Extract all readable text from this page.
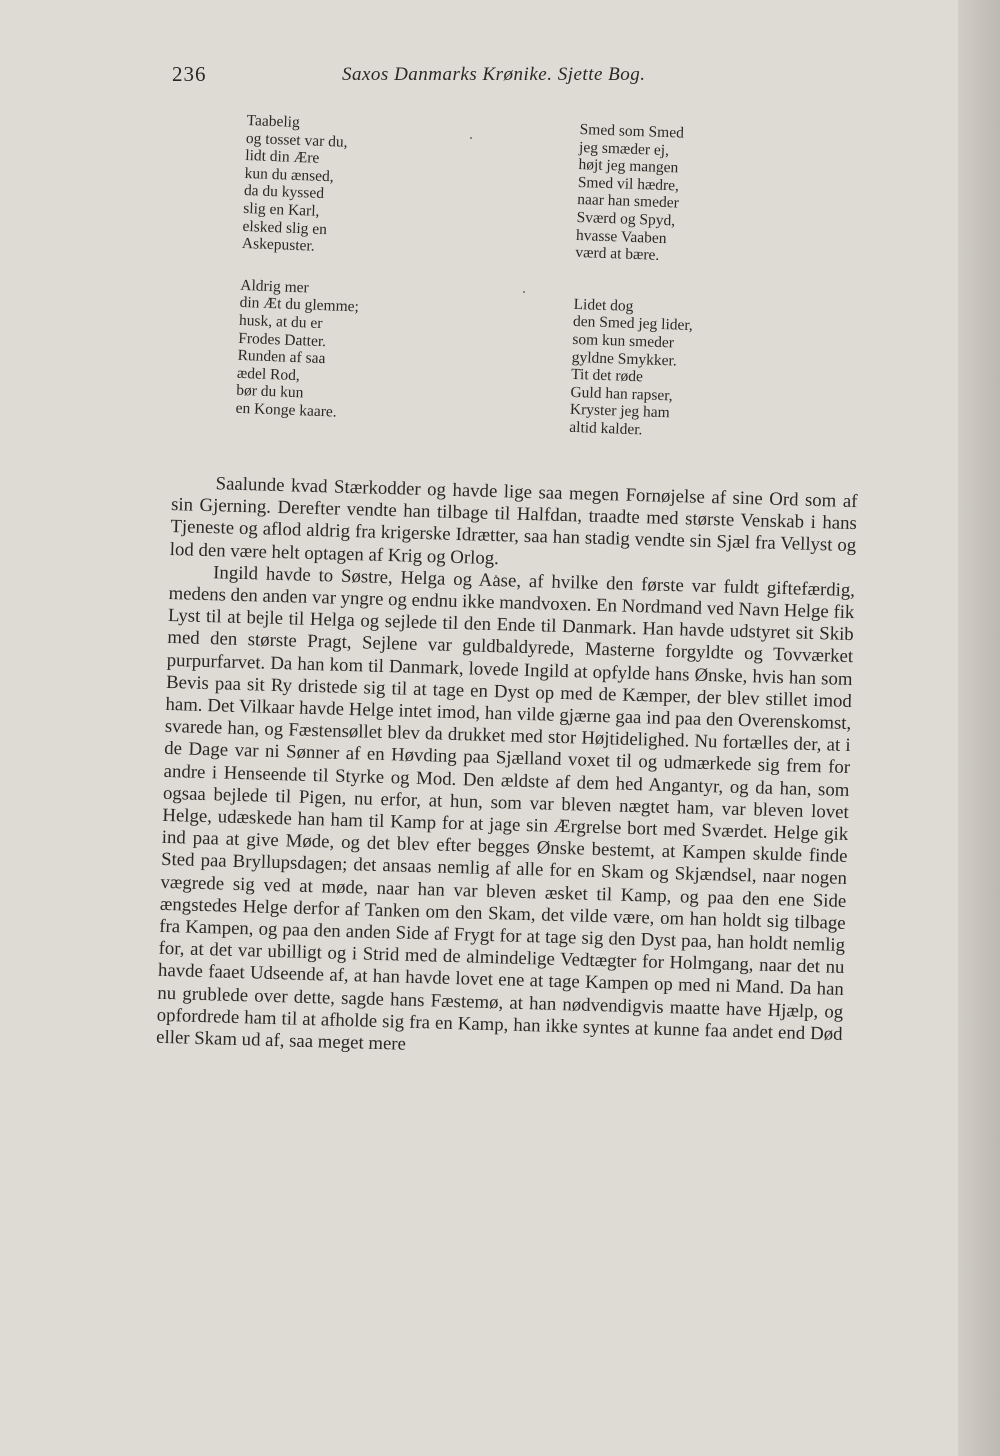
236	Saxos Danmarks Krønike. Sjette Bog.
Taabelig
og tosset var du,
lidt din Ære
kun du ænsed,
da du kyssed
slig en Karl,
elsked slig en
Askepuster.
Aldrig mer
din Æt du glemme;
husk, at du er
Frodes Datter.
Runden af saa
ædel Rod,
bør du kun
en Konge kaare.
Smed som Smed
jeg smæder ej,
højt jeg mangen
Smed vil hædre,
naar han smeder
Sværd og Spyd,
hvasse Vaaben
værd at bære.
Lidet dog
den Smed jeg lider,
som kun smeder
gyldne Smykker.
Tit det røde
Guld han rapser,
Kryster jeg ham
altid kalder.

Saalunde kvad Stærkodder og havde lige saa megen Fornøjelse af sine Ord som af sin Gjerning. Derefter vendte han tilbage til Halfdan, traadte med største Venskab i hans Tjeneste og aflod aldrig fra krigerske Idrætter, saa han stadig vendte sin Sjæl fra Vellyst og lod den være helt optagen af Krig og Orlog.

Ingild havde to Søstre, Helga og Aase, af hvilke den første var fuldt giftefærdig, medens den anden var yngre og endnu ikke mandvoxen. En Nordmand ved Navn Helge fik Lyst til at bejle til Helga og sejlede til den Ende til Danmark. Han havde udstyret sit Skib med den største Pragt, Sejlene var guldbaldyrede, Masterne forgyldte og Tovværket purpurfarvet. Da han kom til Danmark, lovede Ingild at opfylde hans Ønske, hvis han som Bevis paa sit Ry dristede sig til at tage en Dyst op med de Kæmper, der blev stillet imod ham. Det Vilkaar havde Helge intet imod, han vilde gjærne gaa ind paa den Overenskomst, svarede han, og Fæstensøllet blev da drukket med stor Højtidelighed. Nu fortælles der, at i de Dage var ni Sønner af en Høvding paa Sjælland voxet til og udmærkede sig frem for andre i Henseende til Styrke og Mod. Den ældste af dem hed Angantyr, og da han, som ogsaa bejlede til Pigen, nu erfor, at hun, som var bleven nægtet ham, var bleven lovet Helge, udæskede han ham til Kamp for at jage sin Ærgrelse bort med Sværdet. Helge gik ind paa at give Møde, og det blev efter begges Ønske bestemt, at Kampen skulde finde Sted paa Bryllupsdagen; det ansaas nemlig af alle for en Skam og Skjændsel, naar nogen vægrede sig ved at møde, naar han var bleven æsket til Kamp, og paa den ene Side ængstedes Helge derfor af Tanken om den Skam, det vilde være, om han holdt sig tilbage fra Kampen, og paa den anden Side af Frygt for at tage sig den Dyst paa, han holdt nemlig for, at det var ubilligt og i Strid med de almindelige Vedtægter for Holmgang, naar det nu havde faaet Udseende af, at han havde lovet ene at tage Kampen op med ni Mand. Da han nu grublede over dette, sagde hans Fæstemø, at han nødvendigvis maatte have Hjælp, og opfordrede ham til at afholde sig fra en Kamp, han ikke syntes at kunne faa andet end Død eller Skam ud af, saa meget mere
